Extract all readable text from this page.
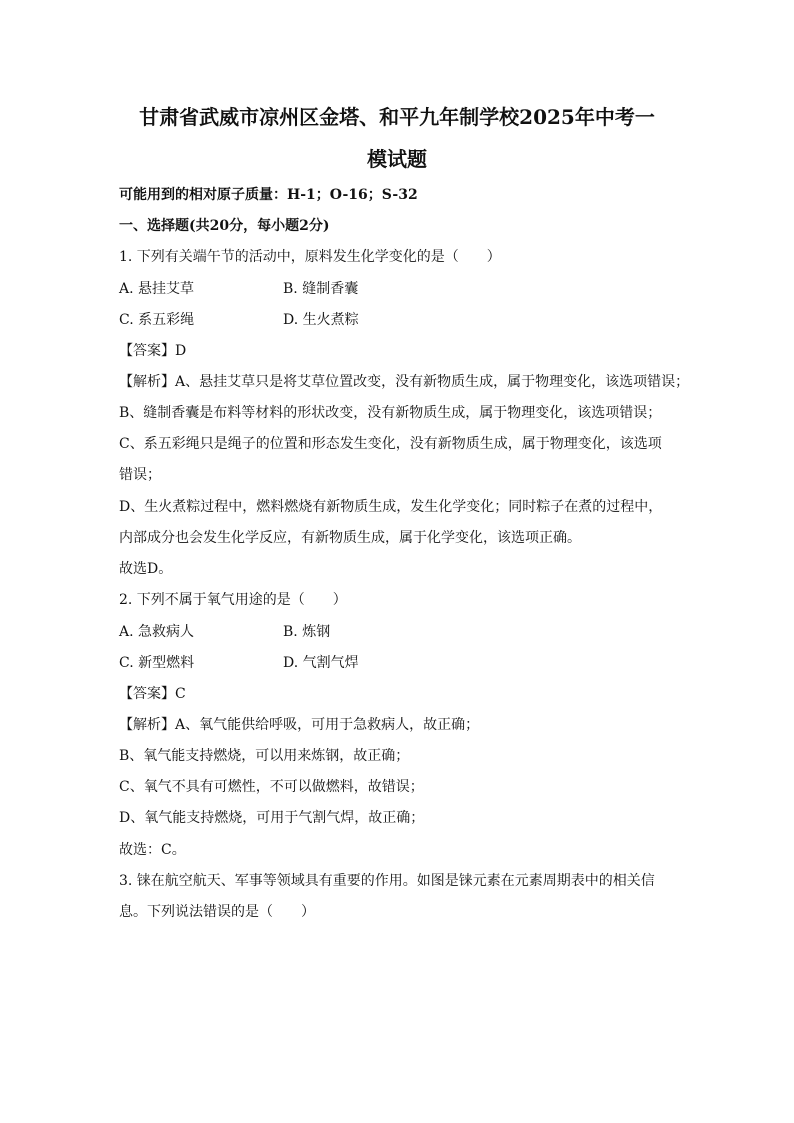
甘肃省武威市凉州区金塔、和平九年制学校2025年中考一
模试题

可能用到的相对原子质量：H-1；O-16；S-32

一、选择题(共20分，每小题2分)

1. 下列有关端午节的活动中，原料发生化学变化的是（　　）

A. 悬挂艾草	B. 缝制香囊
C. 系五彩绳	D. 生火煮粽

【答案】D

【解析】A、悬挂艾草只是将艾草位置改变，没有新物质生成，属于物理变化，该选项错误；

B、缝制香囊是布料等材料的形状改变，没有新物质生成，属于物理变化，该选项错误；

C、系五彩绳只是绳子的位置和形态发生变化，没有新物质生成，属于物理变化，该选项

错误；

D、生火煮粽过程中，燃料燃烧有新物质生成，发生化学变化；同时粽子在煮的过程中，

内部成分也会发生化学反应，有新物质生成，属于化学变化，该选项正确。

故选D。

2. 下列不属于氧气用途的是（　　）

A. 急救病人	B. 炼钢
C. 新型燃料	D. 气割气焊

【答案】C

【解析】A、氧气能供给呼吸，可用于急救病人，故正确；

B、氧气能支持燃烧，可以用来炼钢，故正确；

C、氧气不具有可燃性，不可以做燃料，故错误；

D、氧气能支持燃烧，可用于气割气焊，故正确；

故选：C。

3. 铼在航空航天、军事等领域具有重要的作用。如图是铼元素在元素周期表中的相关信

息。下列说法错误的是（　　）
